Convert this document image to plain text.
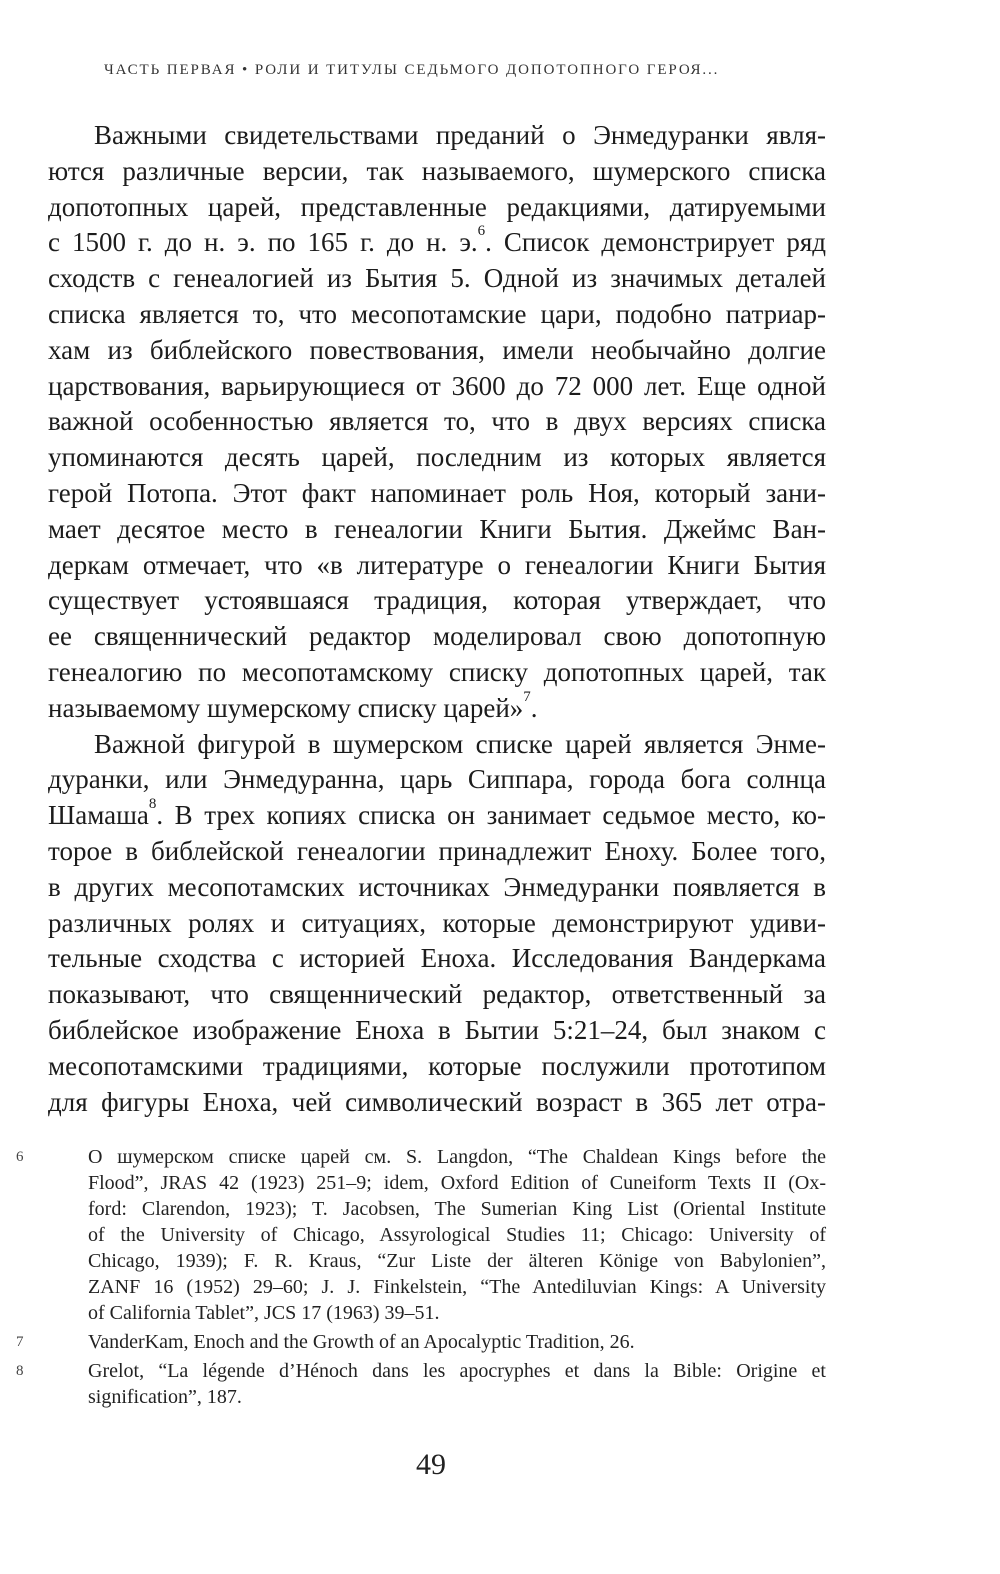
ЧАСТЬ ПЕРВАЯ • РОЛИ И ТИТУЛЫ СЕДЬМОГО ДОПОТОПНОГО ГЕРОЯ...
Важными свидетельствами преданий о Энмедуранки явля-
ются различные версии, так называемого, шумерского списка
допотопных царей, представленные редакциями, датируемыми
с 1500 г. до н. э. по 165 г. до н. э.$^6$. Список демонстрирует ряд
сходств с генеалогией из Бытия 5. Одной из значимых деталей
списка является то, что месопотамские цари, подобно патриар-
хам из библейского повествования, имели необычайно долгие
царствования, варьирующиеся от 3600 до 72 000 лет. Еще одной
важной особенностью является то, что в двух версиях списка
упоминаются десять царей, последним из которых является
герой Потопа. Этот факт напоминает роль Ноя, который зани-
мает десятое место в генеалогии Книги Бытия. Джеймс Ван-
деркам отмечает, что «в литературе о генеалогии Книги Бытия
существует устоявшаяся традиция, которая утверждает, что
ее священнический редактор моделировал свою допотопную
генеалогию по месопотамскому списку допотопных царей, так
называемому шумерскому списку царей»$^7$.
Важной фигурой в шумерском списке царей является Энме-
дуранки, или Энмедуранна, царь Сиппара, города бога солнца
Шамаша$^8$. В трех копиях списка он занимает седьмое место, ко-
торое в библейской генеалогии принадлежит Еноху. Более того,
в других месопотамских источниках Энмедуранки появляется в
различных ролях и ситуациях, которые демонстрируют удиви-
тельные сходства с историей Еноха. Исследования Вандеркама
показывают, что священнический редактор, ответственный за
библейское изображение Еноха в Бытии 5:21–24, был знаком с
месопотамскими традициями, которые послужили прототипом
для фигуры Еноха, чей символический возраст в 365 лет отра-
6	О шумерском списке царей см. S. Langdon, “The Chaldean Kings before the
Flood”, JRAS 42 (1923) 251–9; idem, Oxford Edition of Cuneiform Texts II (Ox-
ford: Clarendon, 1923); T. Jacobsen, The Sumerian King List (Oriental Institute
of the University of Chicago, Assyrological Studies 11; Chicago: University of
Chicago, 1939); F. R. Kraus, “Zur Liste der älteren Könige von Babylonien”,
ZANF 16 (1952) 29–60; J. J. Finkelstein, “The Antediluvian Kings: A University
of California Tablet”, JCS 17 (1963) 39–51.
7	VanderKam, Enoch and the Growth of an Apocalyptic Tradition, 26.
8	Grelot, “La légende d’Hénoch dans les apocryphes et dans la Bible: Origine et
signification”, 187.
49
